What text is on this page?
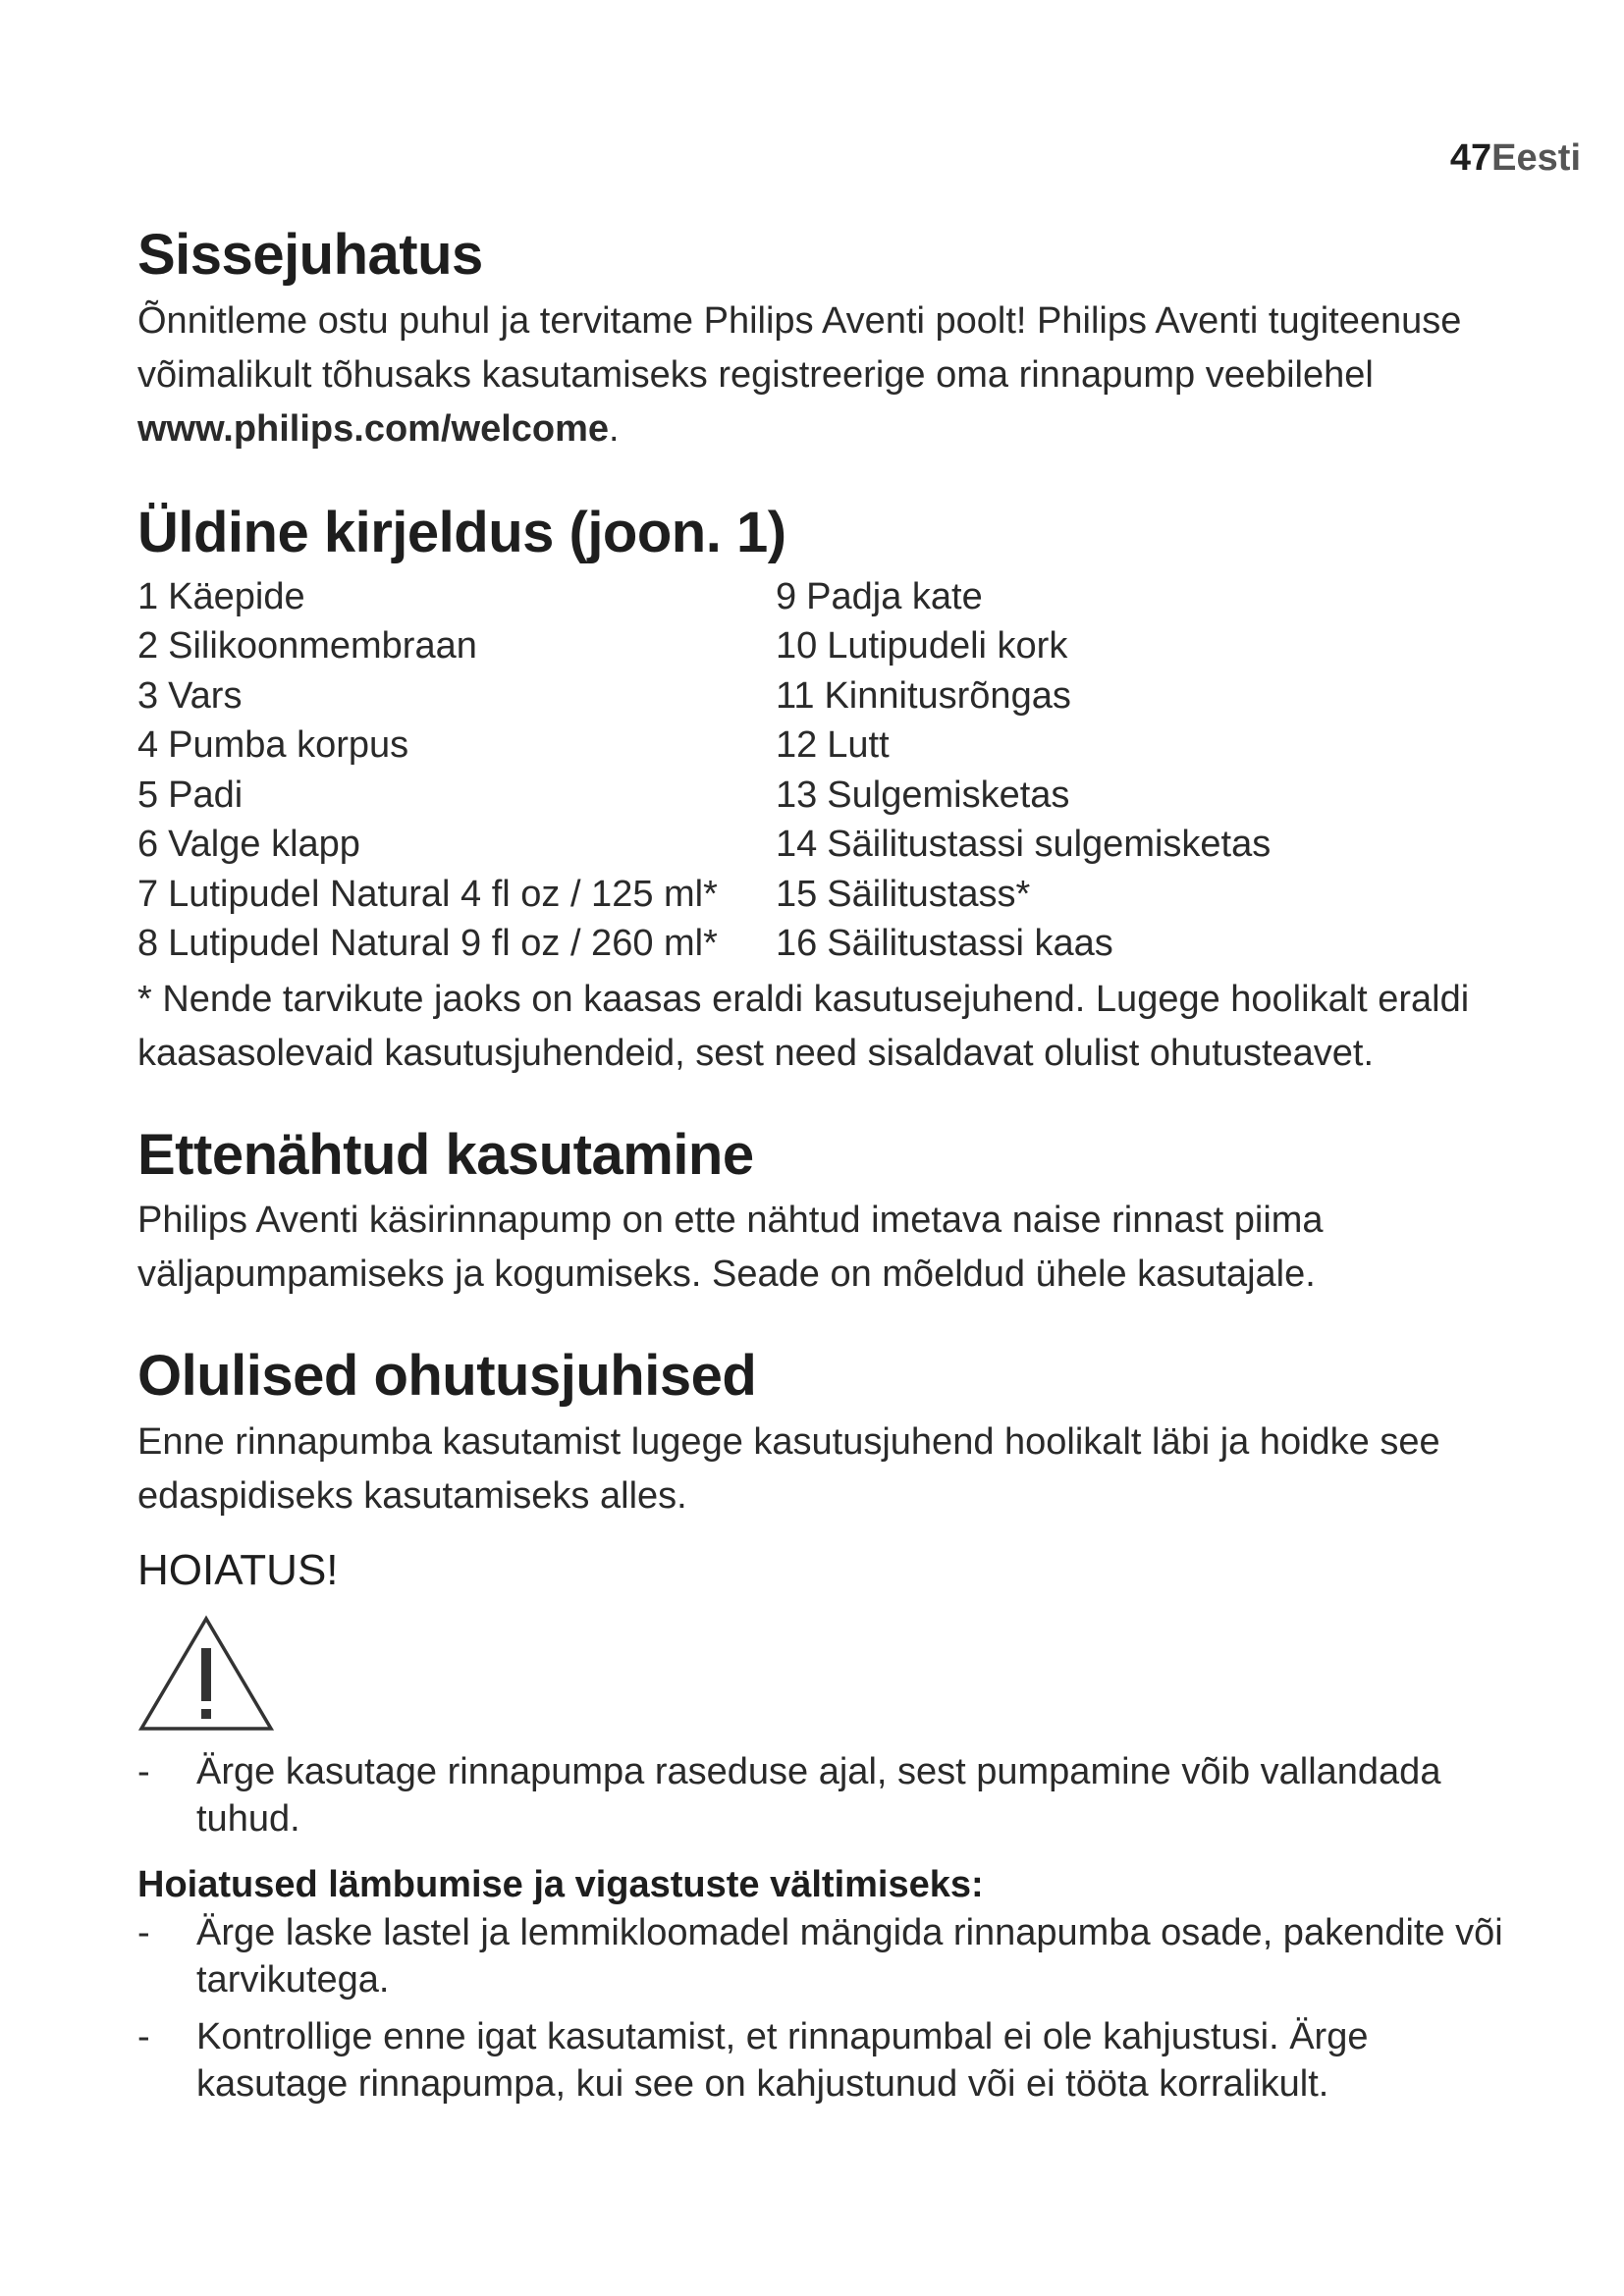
47Eesti
Sissejuhatus

Õnnitleme ostu puhul ja tervitame Philips Aventi poolt! Philips Aventi tugiteenuse
võimalikult tõhusaks kasutamiseks registreerige oma rinnapump veebilehel
www.philips.com/welcome.

Üldine kirjeldus (joon. 1)
1 Käepide
2 Silikoonmembraan
3 Vars
4 Pumba korpus
5 Padi
6 Valge klapp
7 Lutipudel Natural 4 fl oz / 125 ml*
8 Lutipudel Natural 9 fl oz / 260 ml*
9 Padja kate
10 Lutipudeli kork
11 Kinnitusrõngas
12 Lutt
13 Sulgemisketas
14 Säilitustassi sulgemisketas
15 Säilitustass*
16 Säilitustassi kaas

* Nende tarvikute jaoks on kaasas eraldi kasutusejuhend. Lugege hoolikalt eraldi
kaasasolevaid kasutusjuhendeid, sest need sisaldavat olulist ohutusteavet.

Ettenähtud kasutamine

Philips Aventi käsirinnapump on ette nähtud imetava naise rinnast piima
väljapumpamiseks ja kogumiseks. Seade on mõeldud ühele kasutajale.

Olulised ohutusjuhised

Enne rinnapumba kasutamist lugege kasutusjuhend hoolikalt läbi ja hoidke see
edaspidiseks kasutamiseks alles.

HOIATUS!
- Ärge kasutage rinnapumpa raseduse ajal, sest pumpamine võib vallandada
tuhud.
Hoiatused lämbumise ja vigastuste vältimiseks:
- Ärge laske lastel ja lemmikloomadel mängida rinnapumba osade, pakendite või
tarvikutega.
- Kontrollige enne igat kasutamist, et rinnapumbal ei ole kahjustusi. Ärge
kasutage rinnapumpa, kui see on kahjustunud või ei tööta korralikult.
